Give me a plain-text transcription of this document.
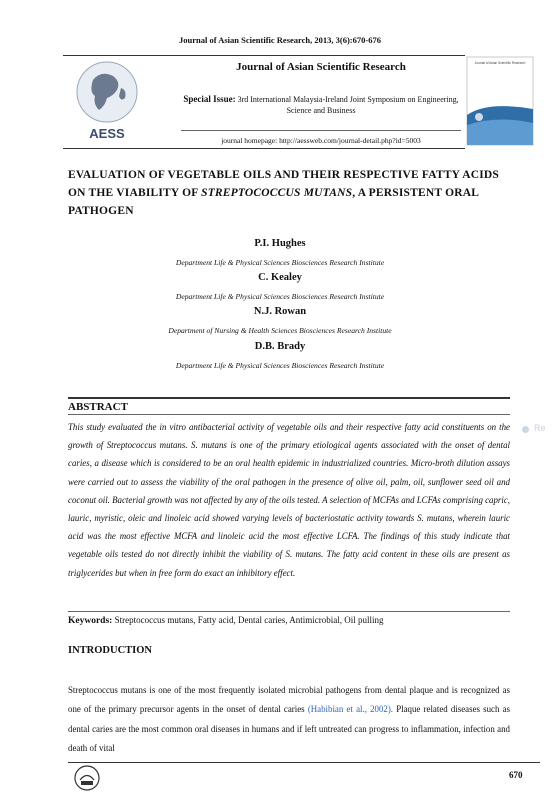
Journal of Asian Scientific Research, 2013, 3(6):670-676
AESS
Journal of Asian Scientific Research
Special Issue: 3rd International Malaysia-Ireland Joint Symposium on Engineering, Science and Business
journal homepage: http://aessweb.com/journal-detail.php?id=5003
Journal of Asian Scientific Research
EVALUATION OF VEGETABLE OILS AND THEIR RESPECTIVE FATTY ACIDS ON THE VIABILITY OF STREPTOCOCCUS MUTANS, A PERSISTENT ORAL PATHOGEN
P.I. Hughes
Department Life & Physical Sciences Biosciences Research Institute
C. Kealey
Department Life & Physical Sciences Biosciences Research Institute
N.J. Rowan
Department of Nursing & Health Sciences Biosciences Research Institute
D.B. Brady
Department Life & Physical Sciences Biosciences Research Institute
ABSTRACT
This study evaluated the in vitro antibacterial activity of vegetable oils and their respective fatty acid constituents on the growth of Streptococcus mutans. S. mutans is one of the primary etiological agents associated with the onset of dental caries, a disease which is considered to be an oral health epidemic in industrialized countries. Micro-broth dilution assays were carried out to assess the viability of the oral pathogen in the presence of olive oil, palm, oil, sunflower seed oil and coconut oil. Bacterial growth was not affected by any of the oils tested. A selection of MCFAs and LCFAs comprising capric, lauric, myristic, oleic and linoleic acid showed varying levels of bacteriostatic activity towards S. mutans, wherein lauric acid was the most effective MCFA and linoleic acid the most effective LCFA. The findings of this study indicate that vegetable oils tested do not directly inhibit the viability of S. mutans. The fatty acid content in these oils are present as triglycerides but when in free form do exact an inhibitory effect.
Keywords: Streptococcus mutans, Fatty acid, Dental caries, Antimicrobial, Oil pulling
INTRODUCTION
Streptococcus mutans is one of the most frequently isolated microbial pathogens from dental plaque and is recognized as one of the primary precursor agents in the onset of dental caries (Habibian et al., 2002). Plaque related diseases such as dental caries are the most common oral diseases in humans and if left untreated can progress to inflammation, infection and death of vital
670
Re
